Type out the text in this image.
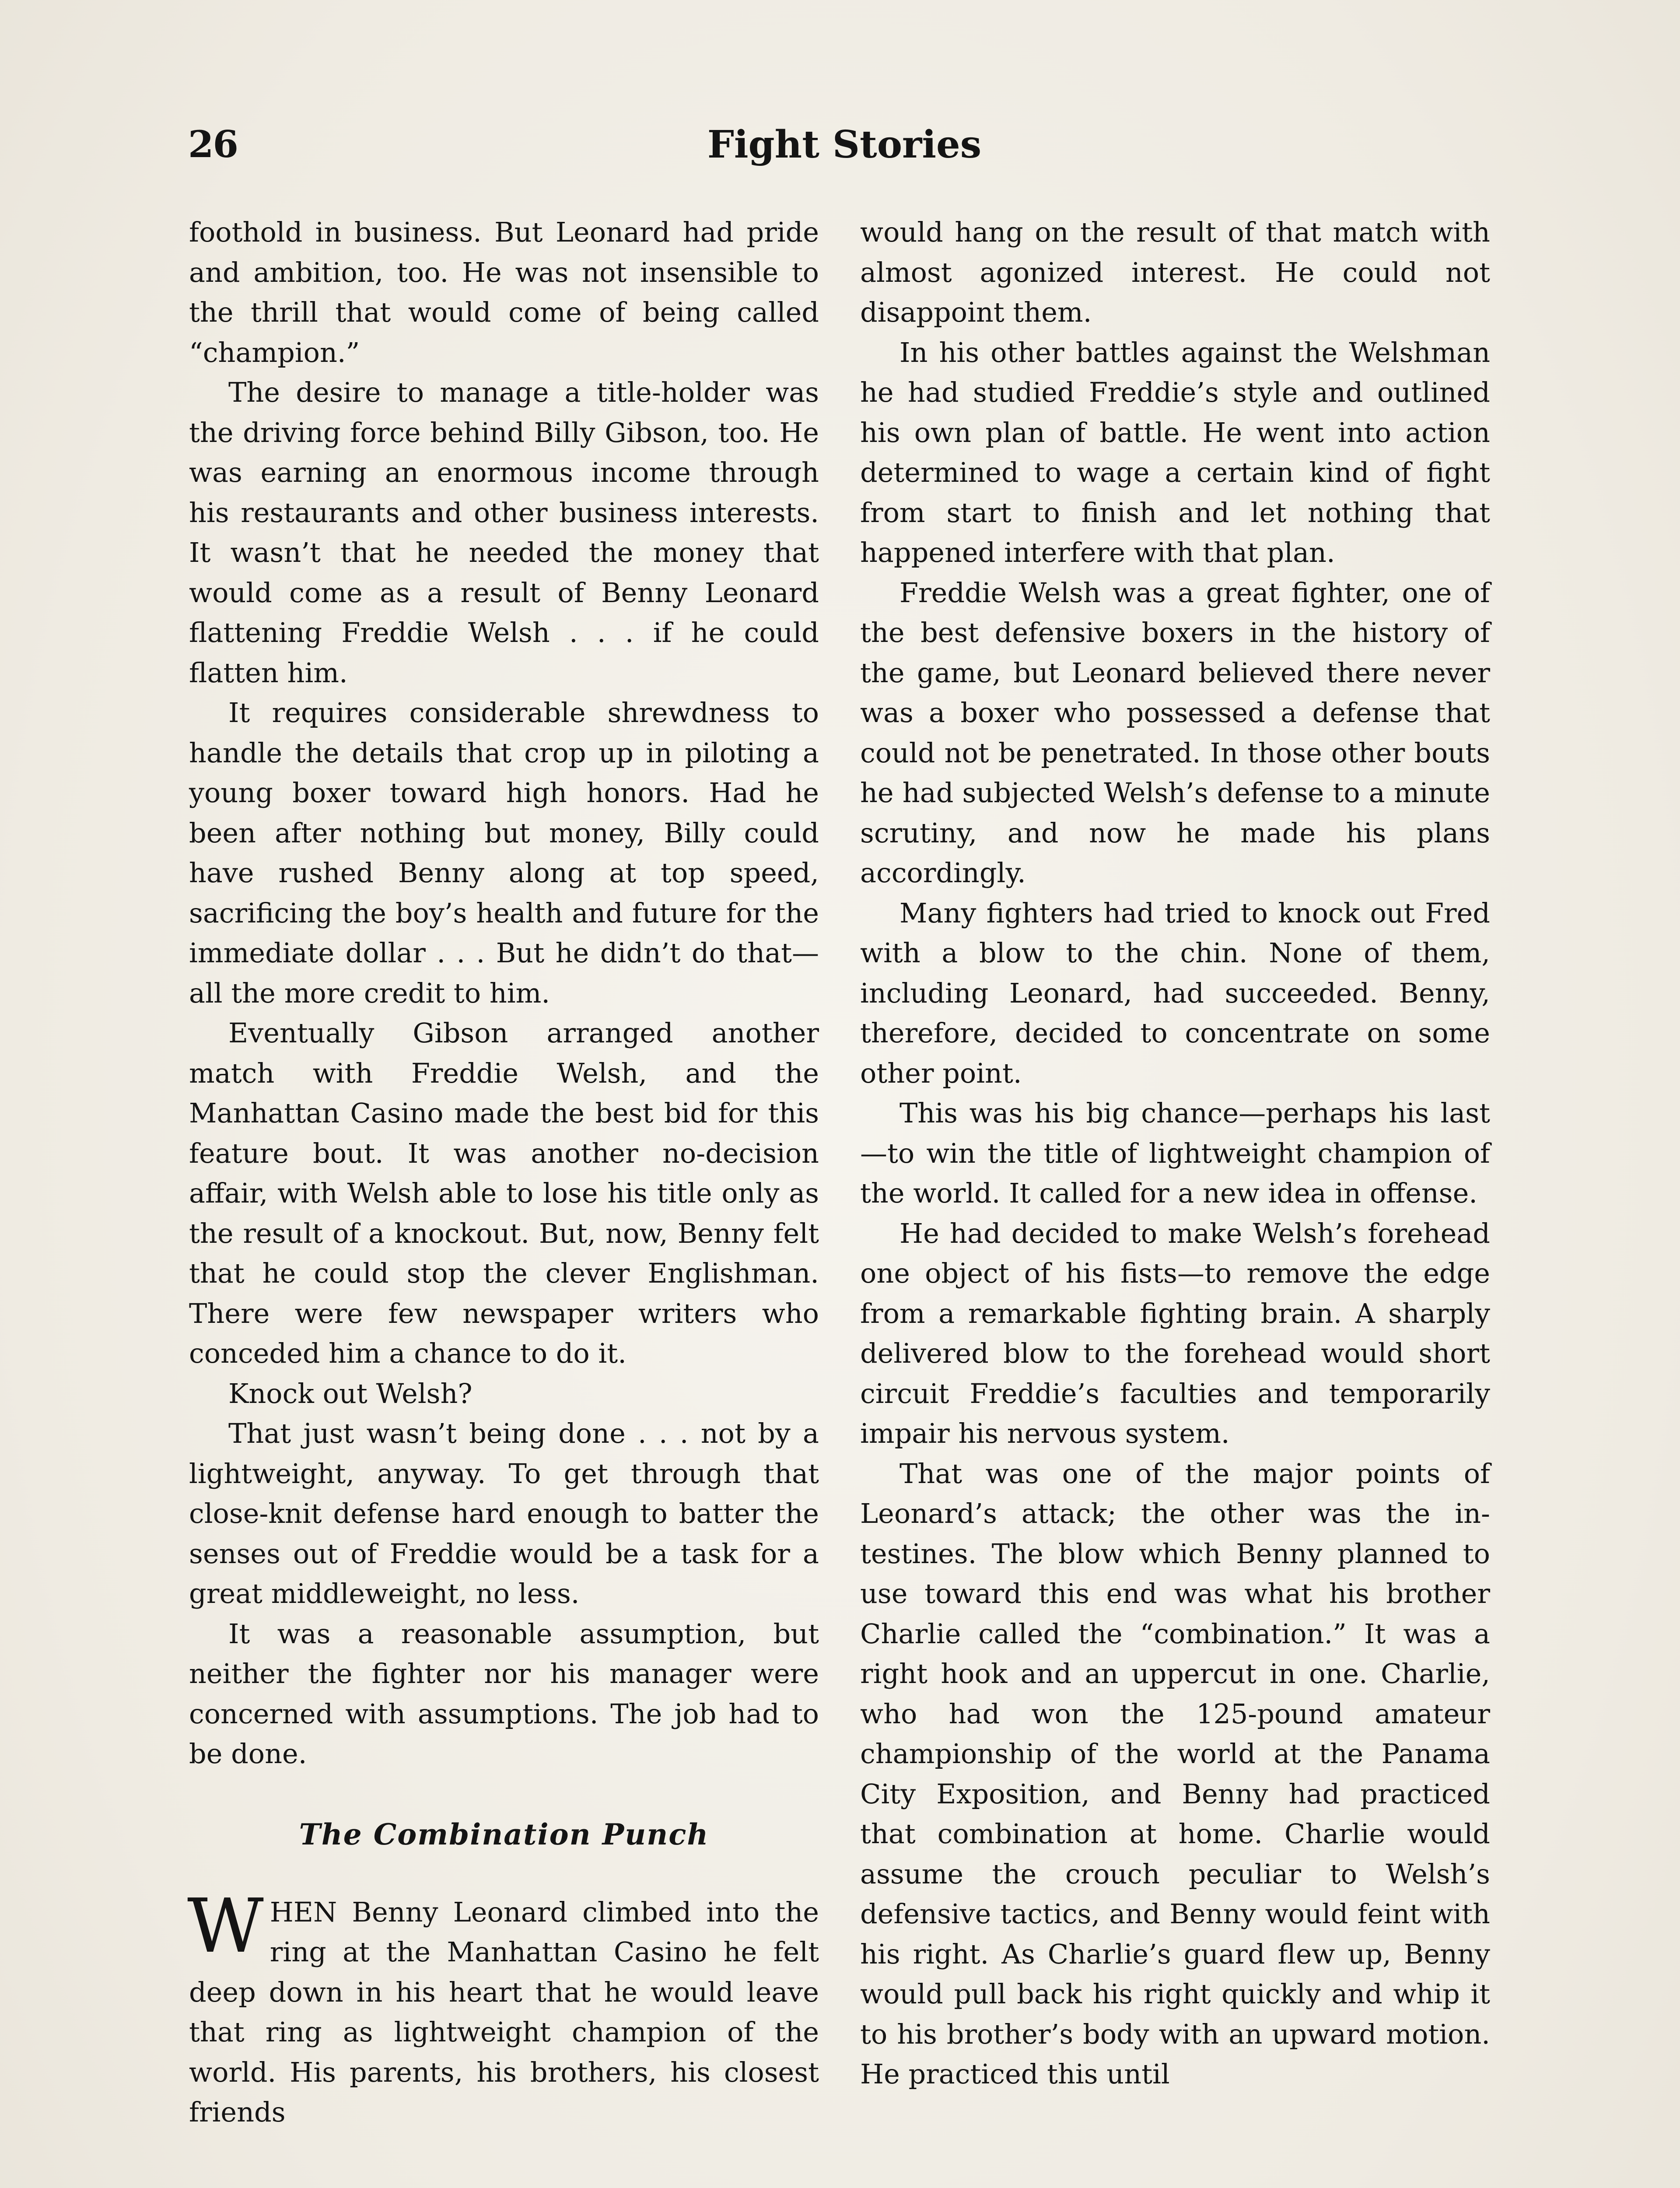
26	Fight Stories

foothold in business. But Leonard had pride and ambition, too. He was not insensible to the thrill that would come of being called “champion.”

The desire to manage a title-holder was the driving force behind Billy Gibson, too. He was earning an enormous income through his restaurants and other business interests. It wasn’t that he needed the money that would come as a result of Benny Leonard flattening Freddie Welsh . . . if he could flatten him.

It requires considerable shrewdness to handle the details that crop up in piloting a young boxer toward high honors. Had he been after nothing but money, Billy could have rushed Benny along at top speed, sacrificing the boy’s health and future for the immediate dollar . . . But he didn’t do that—all the more credit to him.

Eventually Gibson arranged another match with Freddie Welsh, and the Manhattan Casino made the best bid for this feature bout. It was another no-decision affair, with Welsh able to lose his title only as the result of a knockout. But, now, Benny felt that he could stop the clever Englishman. There were few newspaper writers who conceded him a chance to do it.

Knock out Welsh?

That just wasn’t being done . . . not by a lightweight, anyway. To get through that close-knit defense hard enough to batter the senses out of Freddie would be a task for a great middleweight, no less.

It was a reasonable assumption, but neither the fighter nor his manager were concerned with assumptions. The job had to be done.

The Combination Punch

WHEN Benny Leonard climbed into the ring at the Manhattan Casino he felt deep down in his heart that he would leave that ring as lightweight champion of the world. His parents, his brothers, his closest friends

would hang on the result of that match with almost agonized interest. He could not disappoint them.

In his other battles against the Welshman he had studied Freddie’s style and outlined his own plan of battle. He went into action determined to wage a certain kind of fight from start to finish and let nothing that happened interfere with that plan.

Freddie Welsh was a great fighter, one of the best defensive boxers in the history of the game, but Leonard believed there never was a boxer who possessed a defense that could not be penetrated. In those other bouts he had subjected Welsh’s defense to a minute scrutiny, and now he made his plans accordingly.

Many fighters had tried to knock out Fred with a blow to the chin. None of them, including Leonard, had succeeded. Benny, therefore, decided to concentrate on some other point.

This was his big chance—perhaps his last—to win the title of lightweight champion of the world. It called for a new idea in offense.

He had decided to make Welsh’s forehead one object of his fists—to remove the edge from a remarkable fighting brain. A sharply delivered blow to the forehead would short circuit Freddie’s faculties and temporarily impair his nervous system.

That was one of the major points of Leonard’s attack; the other was the intestines. The blow which Benny planned to use toward this end was what his brother Charlie called the “combination.” It was a right hook and an uppercut in one. Charlie, who had won the 125-pound amateur championship of the world at the Panama City Exposition, and Benny had practiced that combination at home. Charlie would assume the crouch peculiar to Welsh’s defensive tactics, and Benny would feint with his right. As Charlie’s guard flew up, Benny would pull back his right quickly and whip it to his brother’s body with an upward motion. He practiced this until
